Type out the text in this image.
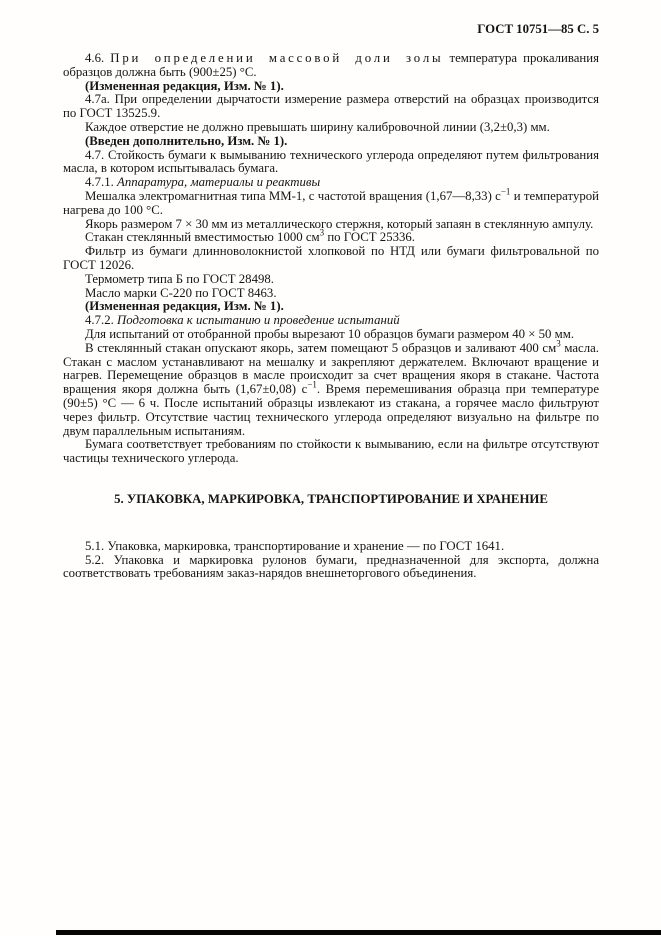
ГОСТ 10751—85 С. 5

4.6. При определении массовой доли золы температура прокаливания образцов должна быть (900±25) °С.

(Измененная редакция, Изм. № 1).

4.7а. При определении дырчатости измерение размера отверстий на образцах производится по ГОСТ 13525.9.

Каждое отверстие не должно превышать ширину калибровочной линии (3,2±0,3) мм.

(Введен дополнительно, Изм. № 1).

4.7. Стойкость бумаги к вымыванию технического углерода определяют путем фильтрования масла, в котором испытывалась бумага.

4.7.1. Аппаратура, материалы и реактивы

Мешалка электромагнитная типа ММ-1, с частотой вращения (1,67—8,33) $с^{-1}$ и температурой нагрева до 100 °С.

Якорь размером 7 × 30 мм из металлического стержня, который запаян в стеклянную ампулу.

Стакан стеклянный вместимостью 1000 $см^3$ по ГОСТ 25336.

Фильтр из бумаги длинноволокнистой хлопковой по НТД или бумаги фильтровальной по ГОСТ 12026.

Термометр типа Б по ГОСТ 28498.

Масло марки С-220 по ГОСТ 8463.

(Измененная редакция, Изм. № 1).

4.7.2. Подготовка к испытанию и проведение испытаний

Для испытаний от отобранной пробы вырезают 10 образцов бумаги размером 40 × 50 мм.

В стеклянный стакан опускают якорь, затем помещают 5 образцов и заливают 400 $см^3$ масла. Стакан с маслом устанавливают на мешалку и закрепляют держателем. Включают вращение и нагрев. Перемещение образцов в масле происходит за счет вращения якоря в стакане. Частота вращения якоря должна быть (1,67±0,08) $с^{-1}$. Время перемешивания образца при температуре (90±5) °С — 6 ч. После испытаний образцы извлекают из стакана, а горячее масло фильтруют через фильтр. Отсутствие частиц технического углерода определяют визуально на фильтре по двум параллельным испытаниям.

Бумага соответствует требованиям по стойкости к вымыванию, если на фильтре отсутствуют частицы технического углерода.

5. УПАКОВКА, МАРКИРОВКА, ТРАНСПОРТИРОВАНИЕ И ХРАНЕНИЕ

5.1. Упаковка, маркировка, транспортирование и хранение — по ГОСТ 1641.

5.2. Упаковка и маркировка рулонов бумаги, предназначенной для экспорта, должна соответствовать требованиям заказ-нарядов внешнеторгового объединения.
